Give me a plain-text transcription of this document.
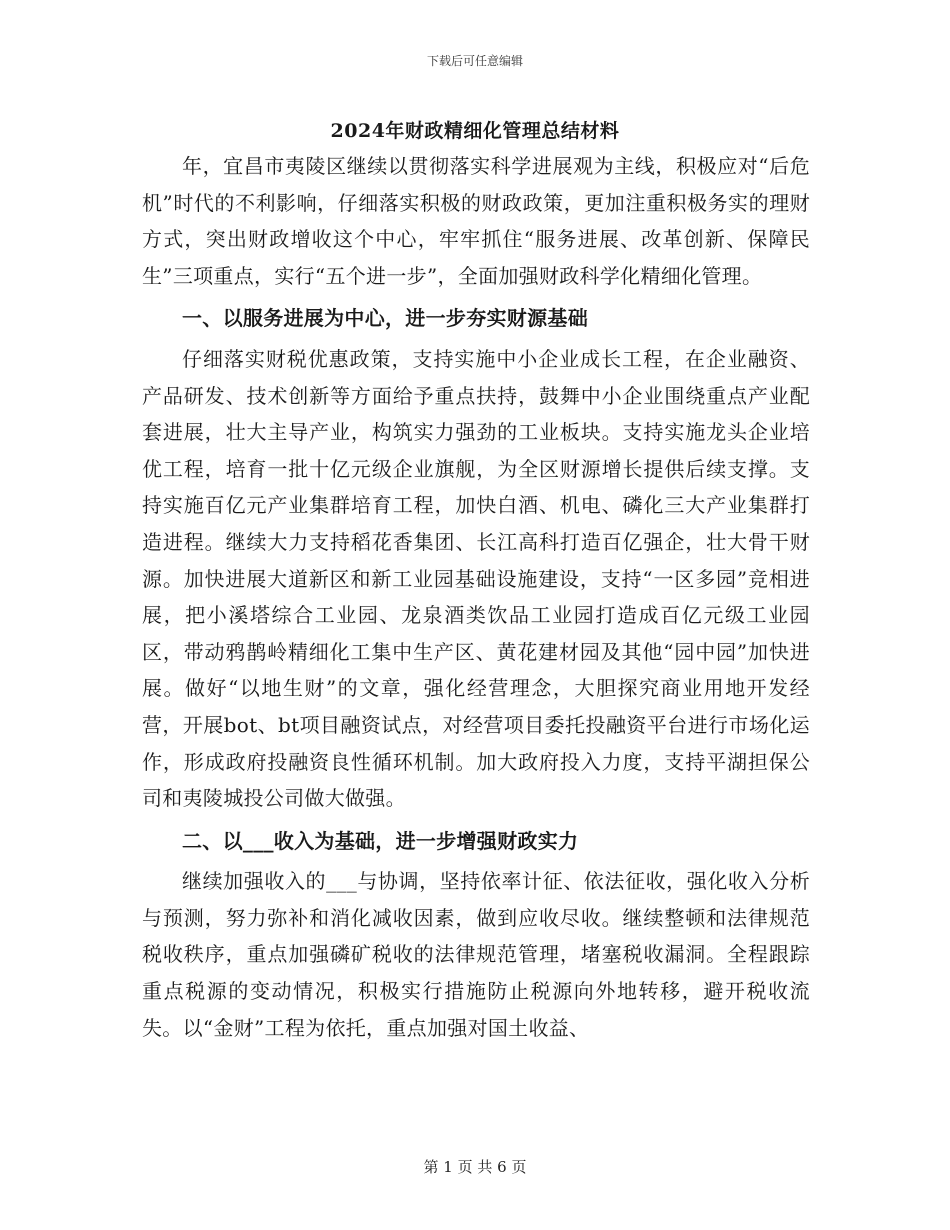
下载后可任意编辑
2024年财政精细化管理总结材料

年，宜昌市夷陵区继续以贯彻落实科学进展观为主线，积极应对“后危机”时代的不利影响，仔细落实积极的财政政策，更加注重积极务实的理财方式，突出财政增收这个中心，牢牢抓住“服务进展、改革创新、保障民生”三项重点，实行“五个进一步”，全面加强财政科学化精细化管理。

一、以服务进展为中心，进一步夯实财源基础

仔细落实财税优惠政策，支持实施中小企业成长工程，在企业融资、产品研发、技术创新等方面给予重点扶持，鼓舞中小企业围绕重点产业配套进展，壮大主导产业，构筑实力强劲的工业板块。支持实施龙头企业培优工程，培育一批十亿元级企业旗舰，为全区财源增长提供后续支撑。支持实施百亿元产业集群培育工程，加快白酒、机电、磷化三大产业集群打造进程。继续大力支持稻花香集团、长江高科打造百亿强企，壮大骨干财源。加快进展大道新区和新工业园基础设施建设，支持“一区多园”竞相进展，把小溪塔综合工业园、龙泉酒类饮品工业园打造成百亿元级工业园区，带动鸦鹊岭精细化工集中生产区、黄花建材园及其他“园中园”加快进展。做好“以地生财”的文章，强化经营理念，大胆探究商业用地开发经营，开展bot、bt项目融资试点，对经营项目委托投融资平台进行市场化运作，形成政府投融资良性循环机制。加大政府投入力度，支持平湖担保公司和夷陵城投公司做大做强。

二、以___收入为基础，进一步增强财政实力

继续加强收入的___与协调，坚持依率计征、依法征收，强化收入分析与预测，努力弥补和消化减收因素，做到应收尽收。继续整顿和法律规范税收秩序，重点加强磷矿税收的法律规范管理，堵塞税收漏洞。全程跟踪重点税源的变动情况，积极实行措施防止税源向外地转移，避开税收流失。以“金财”工程为依托，重点加强对国土收益、

第 1 页 共 6 页
